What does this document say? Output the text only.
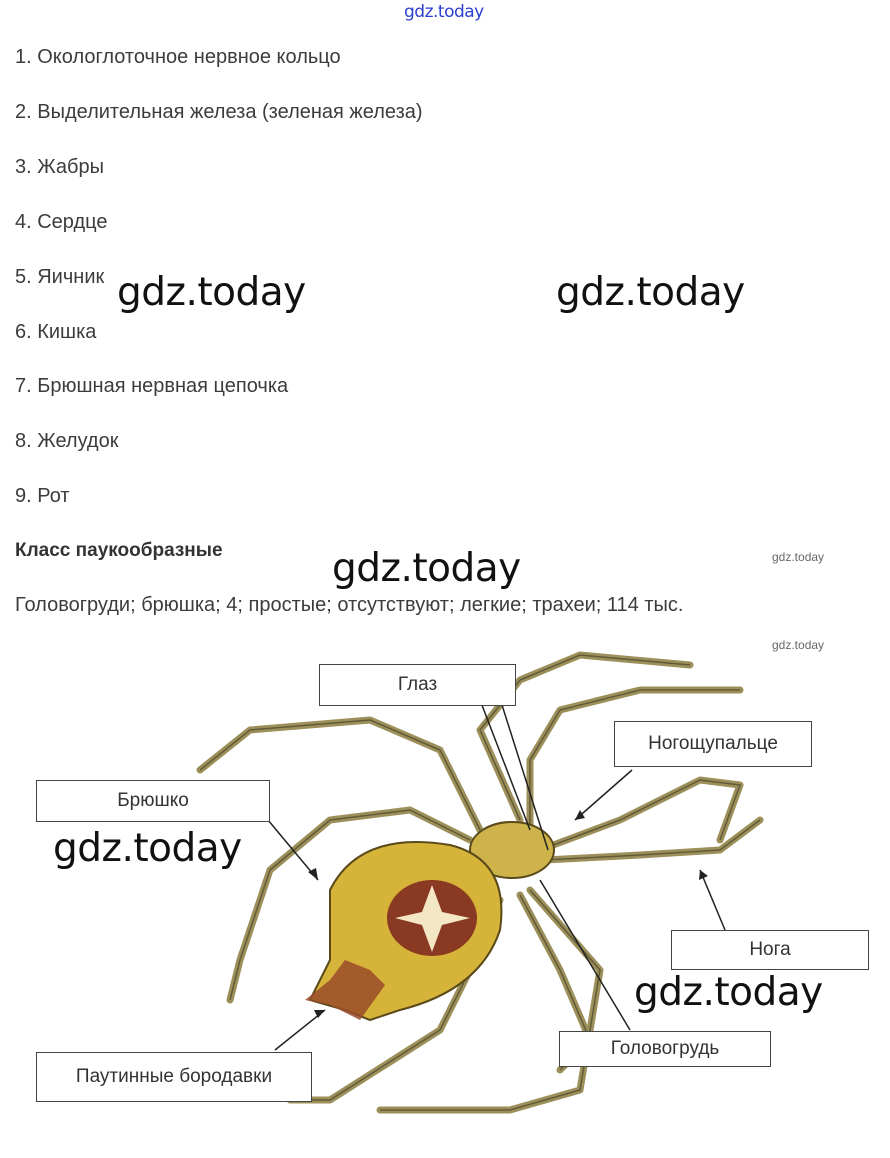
gdz.today
1. Окологлоточное нервное кольцо
2. Выделительная железа (зеленая железа)
3. Жабры
4. Сердце
5. Яичник
6. Кишка
7. Брюшная нервная цепочка
8. Желудок
9. Рот
Класс паукообразные
Головогруди; брюшка; 4; простые; отсутствуют; легкие; трахеи; 114 тыс.
Глаз
Ногощупальце
Брюшко
Нога
Головогрудь
Паутинные бородавки
gdz.today	gdz.today
gdz.today
gdz.today
gdz.today
gdz.today
gdz.today
